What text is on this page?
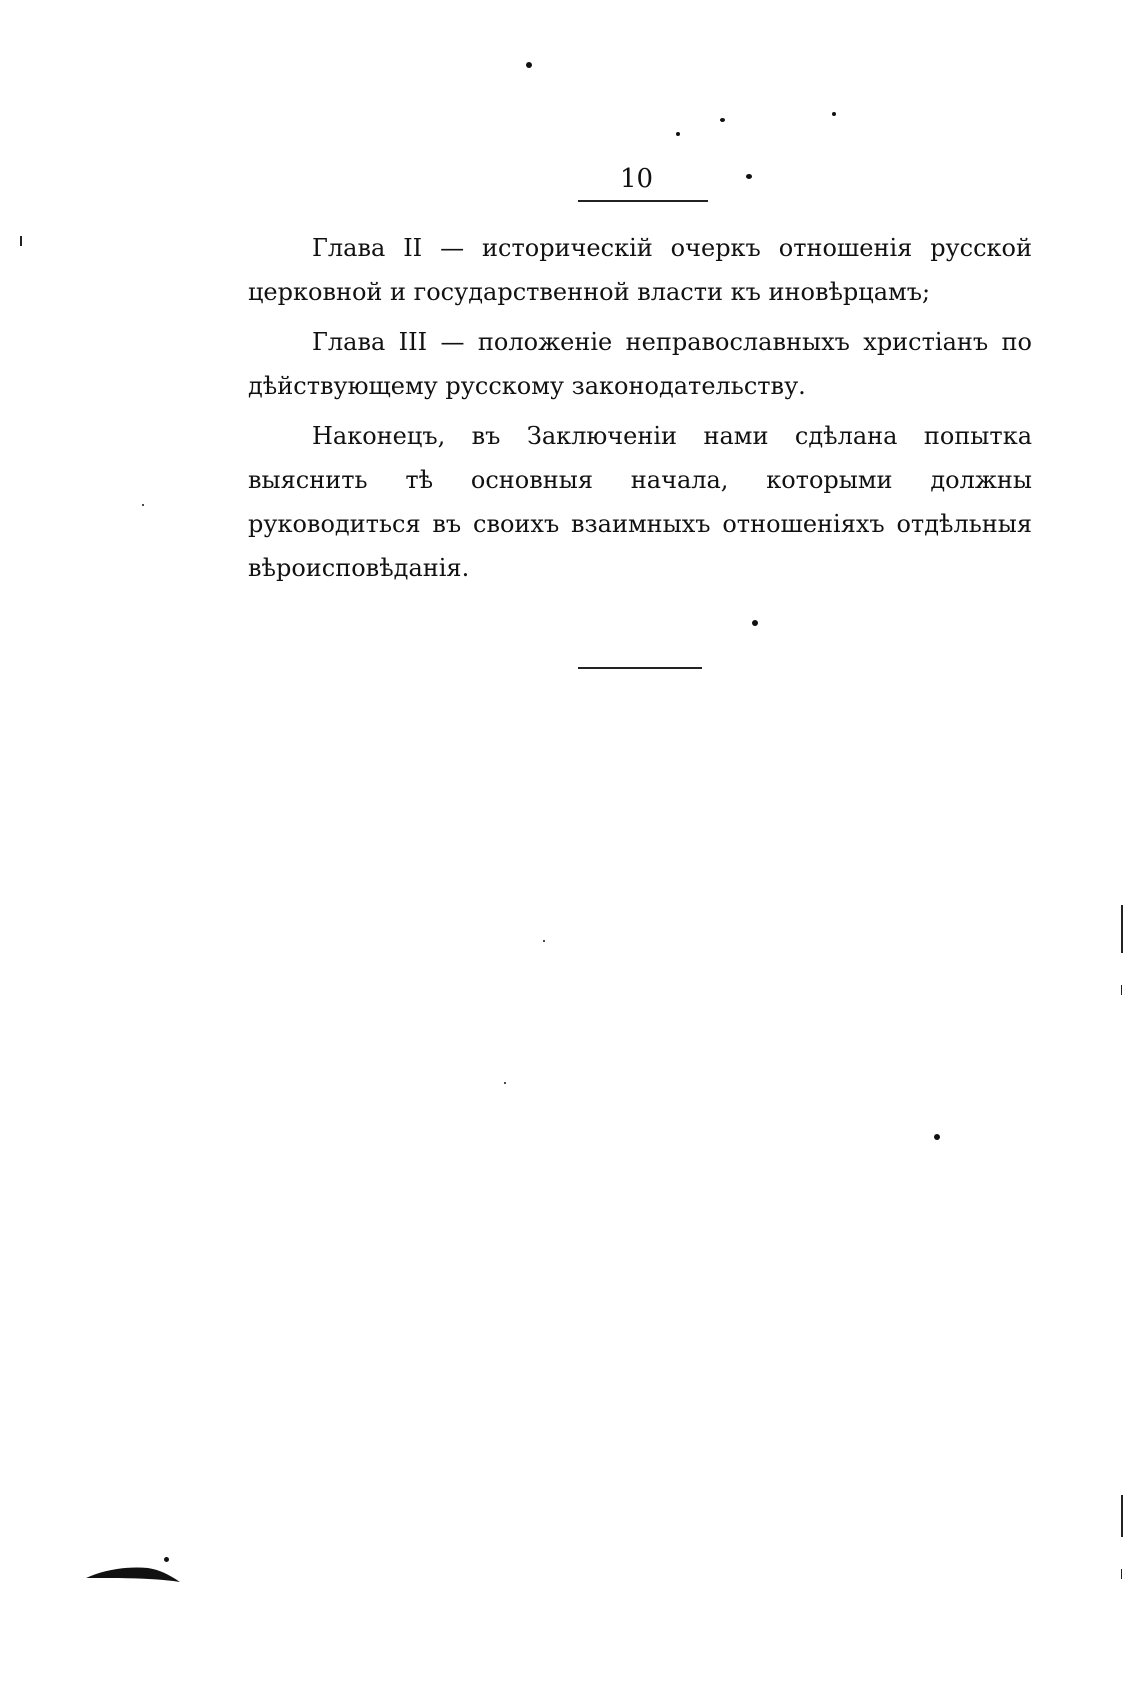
10

Глава II — историческій очеркъ отношенія русской церковной и государственной власти къ иновѣрцамъ;

Глава III — положеніе неправославныхъ христіанъ по дѣйствующему русскому законодательству.

Наконецъ, въ Заключеніи нами сдѣлана попытка выяснить тѣ основныя начала, которыми должны руководиться въ своихъ взаимныхъ отношеніяхъ отдѣльныя вѣроисповѣданія.
